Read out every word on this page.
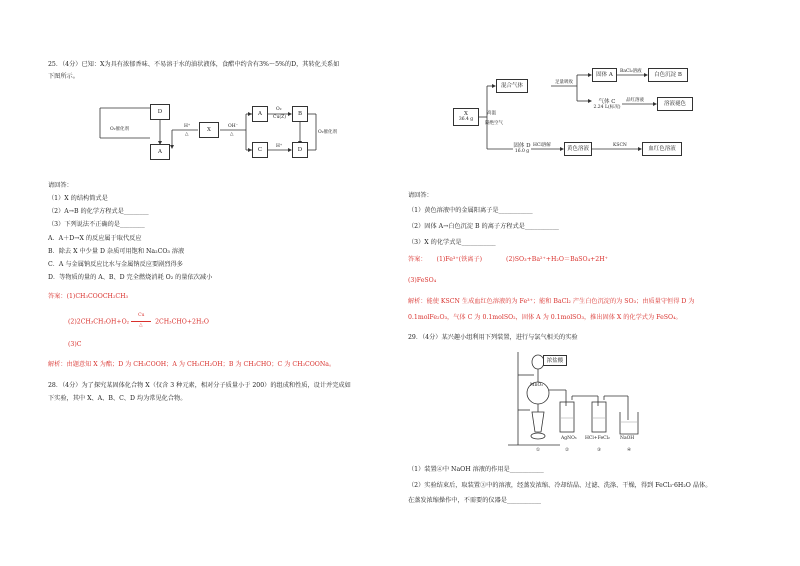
25．（4分）已知：X为具有浓郁香味、不易溶于水的油状液体，食醋中约含有3%～5%的D，其转化关系如
下图所示。
D
A
X
A	B
C	D
O₂催化剂
H⁺
△
OH⁻
△
O₂
Cu(Z)
H⁺
O₂催化剂
请回答：
（1）X 的结构简式是
（2）A→B 的化学方程式是________
（3）下列说法不正确的是________
A．A＋D→X 的反应属于取代反应
B．除去 X 中少量 D 杂质可用饱和 Na₂CO₃ 溶液
C．A 与金属钠反应比水与金属钠反应要剧烈得多
D．等物质的量的 A、B、D 完全燃烧消耗 O₂ 的量依次减小
答案：(1)CH₃COOCH₂CH₃
(2)2CH₃CH₂OH+O₂
Cu
△ 2CH₃CHO+2H₂O
(3)C
解析：由题意知 X 为酯；D 为 CH₃COOH；A 为 CH₃CH₂OH；B 为 CH₃CHO；C 为 CH₃COONa。
28．（4分）为了探究某固体化合物 X（仅含 3 种元素，相对分子质量小于 200）的组成和性质，设计并完成如
下实验，其中 X、A、B、C、D 均为常见化合物。
X
36.4 g
高温
隔绝空气
混合气体
足量吸收
固体 A
BaCl₂溶液
白色沉淀 B
气体 C
2.24 L(标况)
品红溶液
溶液褪色
固体 D
16.0 g
HCl溶解
黄色溶液
KSCN
血红色溶液
请回答：
（1）黄色溶液中的金属阳离子是___________
（2）固体 A→白色沉淀 B 的离子方程式是___________
（3）X 的化学式是___________
答案： (1)Fe³⁺(铁离子)	(2)SO₃+Ba²⁺+H₂O＝BaSO₄+2H⁺
(3)FeSO₄
解析：能使 KSCN 生成血红色溶液的为 Fe³⁺；能和 BaCl₂ 产生白色沉淀的为 SO₃；由质量守恒得 D 为
0.1molFe₂O₃，气体 C 为 0.1molSO₂，固体 A 为 0.1molSO₃，推出固体 X 的化学式为 FeSO₄。
29．（4分）某兴趣小组利用下列装置，进行与氯气相关的实验
浓盐酸
MnO₂
AgNO₃ HCl+FeCl₂ NaOH
①	②	③	④
（1）装置④中 NaOH 溶液的作用是___________
（2）实验结束后，取装置③中的溶液，经蒸发浓缩、冷却结晶、过滤、洗涤、干燥，得到 FeCl₃·6H₂O 晶体。
在蒸发浓缩操作中，不需要的仪器是___________
